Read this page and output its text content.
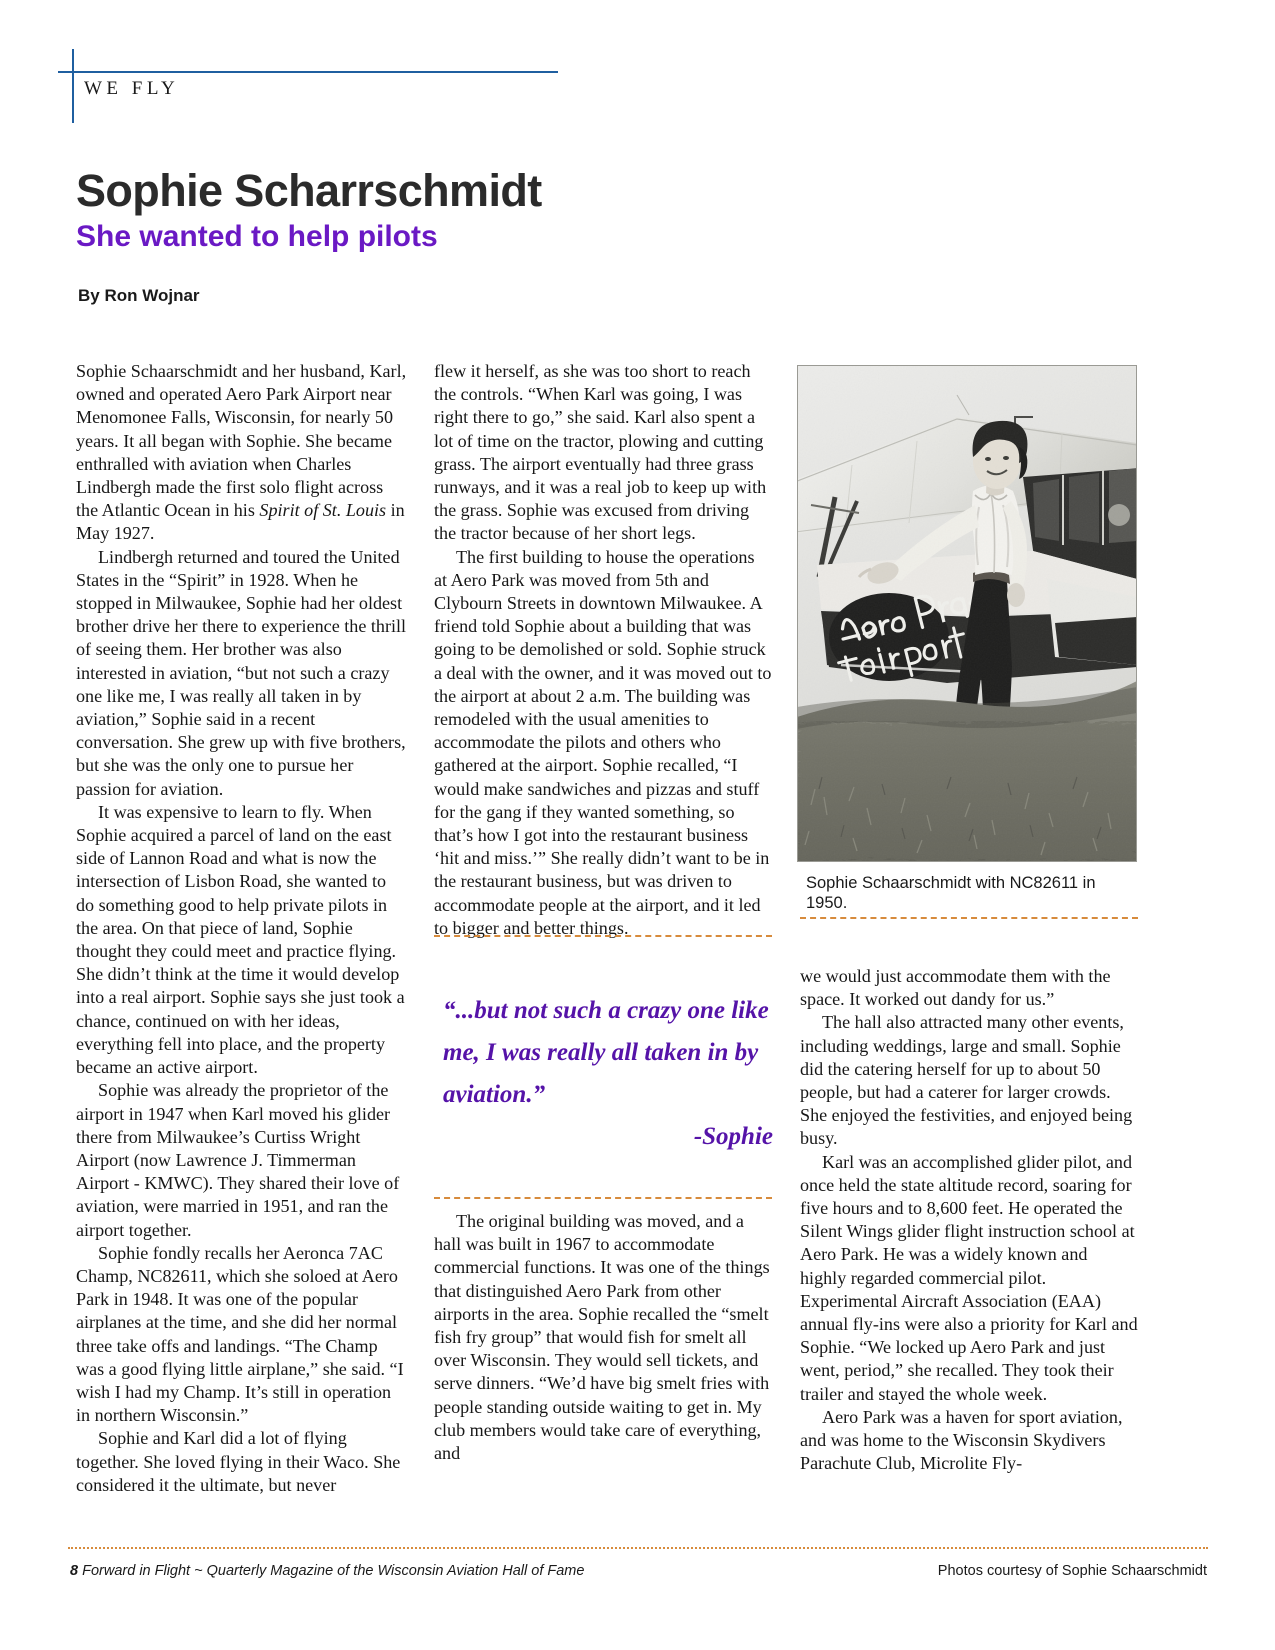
WE FLY
Sophie Scharrschmidt
She wanted to help pilots
By Ron Wojnar

Sophie Schaarschmidt and her husband, Karl, owned and operated Aero Park Airport near Menomonee Falls, Wisconsin, for nearly 50 years. It all began with Sophie. She became enthralled with aviation when Charles Lindbergh made the first solo flight across the Atlantic Ocean in his Spirit of St. Louis in May 1927.

Lindbergh returned and toured the United States in the “Spirit” in 1928. When he stopped in Milwaukee, Sophie had her oldest brother drive her there to experience the thrill of seeing them. Her brother was also interested in aviation, “but not such a crazy one like me, I was really all taken in by aviation,” Sophie said in a recent conversation. She grew up with five brothers, but she was the only one to pursue her passion for aviation.

It was expensive to learn to fly. When Sophie acquired a parcel of land on the east side of Lannon Road and what is now the intersection of Lisbon Road, she wanted to do something good to help private pilots in the area. On that piece of land, Sophie thought they could meet and practice flying. She didn’t think at the time it would develop into a real airport. Sophie says she just took a chance, continued on with her ideas, everything fell into place, and the property became an active airport.

Sophie was already the proprietor of the airport in 1947 when Karl moved his glider there from Milwaukee’s Curtiss Wright Airport (now Lawrence J. Timmerman Airport - KMWC). They shared their love of aviation, were married in 1951, and ran the airport together.

Sophie fondly recalls her Aeronca 7AC Champ, NC82611, which she soloed at Aero Park in 1948. It was one of the popular airplanes at the time, and she did her normal three take offs and landings. “The Champ was a good flying little airplane,” she said. “I wish I had my Champ. It’s still in operation in northern Wisconsin.”

Sophie and Karl did a lot of flying together. She loved flying in their Waco. She considered it the ultimate, but never

flew it herself, as she was too short to reach the controls. “When Karl was going, I was right there to go,” she said. Karl also spent a lot of time on the tractor, plowing and cutting grass. The airport eventually had three grass runways, and it was a real job to keep up with the grass. Sophie was excused from driving the tractor because of her short legs.

The first building to house the operations at Aero Park was moved from 5th and Clybourn Streets in downtown Milwaukee. A friend told Sophie about a building that was going to be demolished or sold. Sophie struck a deal with the owner, and it was moved out to the airport at about 2 a.m. The building was remodeled with the usual amenities to accommodate the pilots and others who gathered at the airport. Sophie recalled, “I would make sandwiches and pizzas and stuff for the gang if they wanted something, so that’s how I got into the restaurant business ‘hit and miss.’” She really didn’t want to be in the restaurant business, but was driven to accommodate people at the airport, and it led to bigger and better things.

“...but not such a crazy one like me, I was really all taken in by aviation.”
-Sophie

The original building was moved, and a hall was built in 1967 to accommodate commercial functions. It was one of the things that distinguished Aero Park from other airports in the area. Sophie recalled the “smelt fish fry group” that would fish for smelt all over Wisconsin. They would sell tickets, and serve dinners. “We’d have big smelt fries with people standing outside waiting to get in. My club members would take care of everything, and

Sophie Schaarschmidt with NC82611 in 1950.

we would just accommodate them with the space. It worked out dandy for us.”

The hall also attracted many other events, including weddings, large and small. Sophie did the catering herself for up to about 50 people, but had a caterer for larger crowds. She enjoyed the festivities, and enjoyed being busy.

Karl was an accomplished glider pilot, and once held the state altitude record, soaring for five hours and to 8,600 feet. He operated the Silent Wings glider flight instruction school at Aero Park. He was a widely known and highly regarded commercial pilot. Experimental Aircraft Association (EAA) annual fly-ins were also a priority for Karl and Sophie. “We locked up Aero Park and just went, period,” she recalled. They took their trailer and stayed the whole week.

Aero Park was a haven for sport aviation, and was home to the Wisconsin Skydivers Parachute Club, Microlite Fly-

8 Forward in Flight ~ Quarterly Magazine of the Wisconsin Aviation Hall of Fame	Photos courtesy of Sophie Schaarschmidt
